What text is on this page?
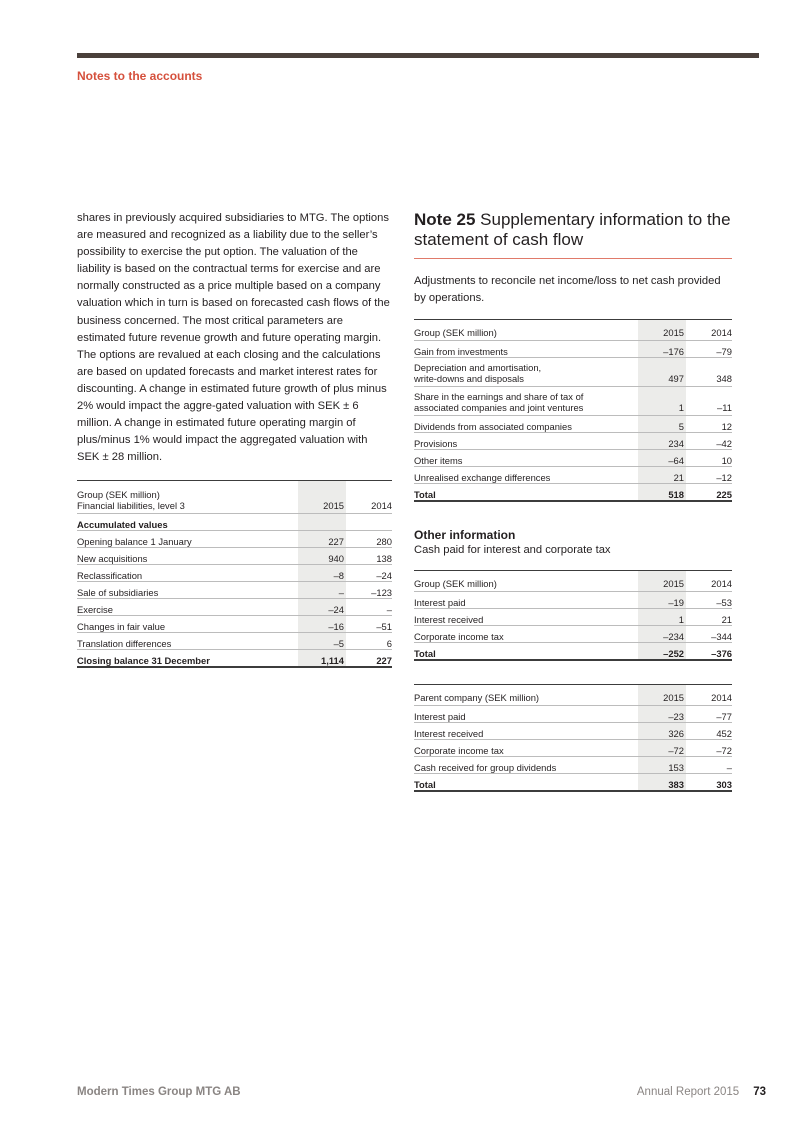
Notes to the accounts

shares in previously acquired subsidiaries to MTG. The options are measured and recognized as a liability due to the seller’s possibility to exercise the put option. The valuation of the liability is based on the contractual terms for exercise and are normally constructed as a price multiple based on a company valuation which in turn is based on forecasted cash flows of the business concerned. The most critical parameters are estimated future revenue growth and future operating margin. The options are revalued at each closing and the calculations are based on updated forecasts and market interest rates for discounting. A change in estimated future growth of plus minus 2% would impact the aggre-gated valuation with SEK ± 6 million. A change in estimated future operating margin of plus/minus 1% would impact the aggregated valuation with SEK ± 28 million.

Group (SEK million)
Financial liabilities, level 3	2015	2014
Accumulated values		
Opening balance 1 January	227	280
New acquisitions	940	138
Reclassification	–8	–24
Sale of subsidiaries	–	–123
Exercise	–24	–
Changes in fair value	–16	–51
Translation differences	–5	6
Closing balance 31 December	1,114	227
Note 25 Supplementary information to the statement of cash flow

Adjustments to reconcile net income/loss to net cash provided by operations.

Group (SEK million)	2015	2014
Gain from investments	–176	–79
Depreciation and amortisation,
write-downs and disposals	497	348
Share in the earnings and share of tax of
associated companies and joint ventures	1	–11
Dividends from associated companies	5	12
Provisions	234	–42
Other items	–64	10
Unrealised exchange differences	21	–12
Total	518	225
Other information
Cash paid for interest and corporate tax
Group (SEK million)	2015	2014
Interest paid	–19	–53
Interest received	1	21
Corporate income tax	–234	–344
Total	–252	–376
Parent company (SEK million)	2015	2014
Interest paid	–23	–77
Interest received	326	452
Corporate income tax	–72	–72
Cash received for group dividends	153	–
Total	383	303
Modern Times Group MTG AB	Annual Report 2015 73
